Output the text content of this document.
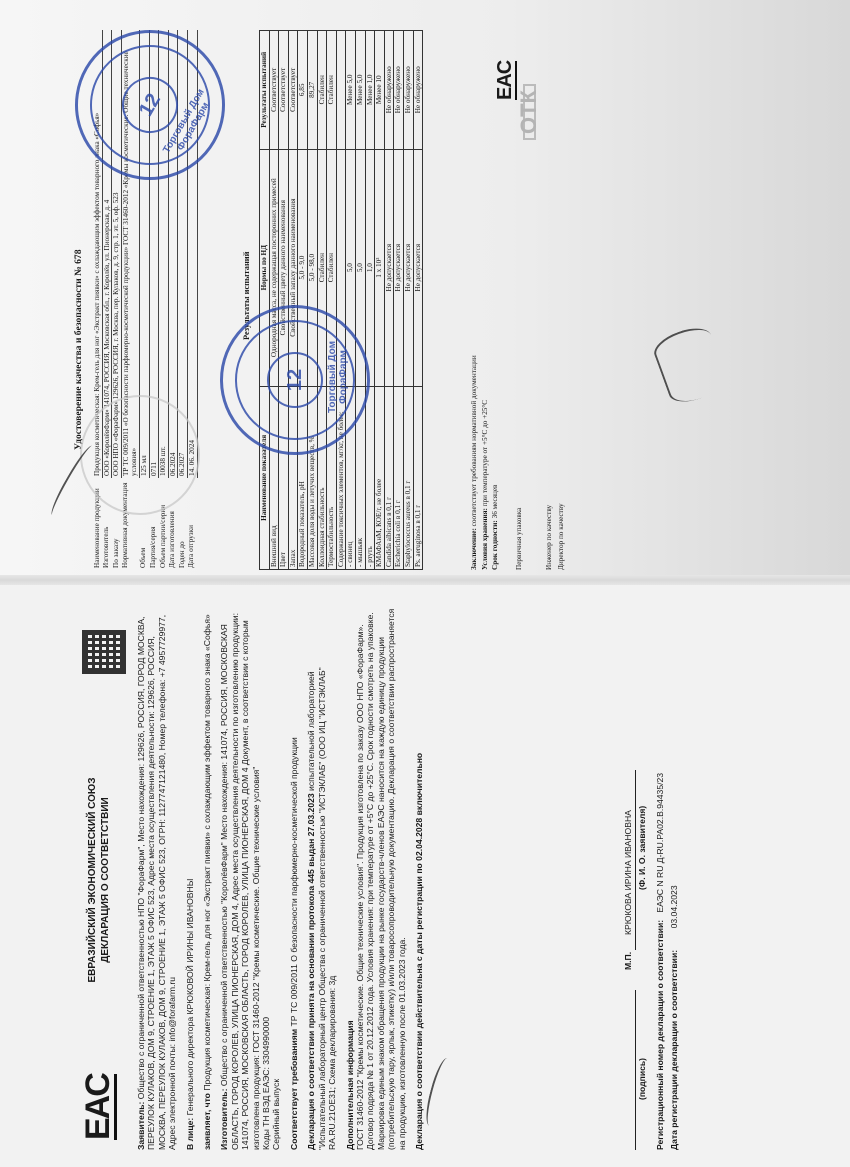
EAC
ЕВРАЗИЙСКИЙ ЭКОНОМИЧЕСКИЙ СОЮЗ ДЕКЛАРАЦИЯ О СООТВЕТСТВИИ

Заявитель: Общество с ограниченной ответственностью НПО "ФораФарм", Место нахождения: 129626, РОССИЯ, ГОРОД МОСКВА, ПЕРЕУЛОК КУЛАКОВ, ДОМ 9, СТРОЕНИЕ 1, ЭТАЖ 5 ОФИС 523, Адрес места осуществления деятельности: 129626, РОССИЯ, МОСКВА, ПЕРЕУЛОК КУЛАКОВ, ДОМ 9, СТРОЕНИЕ 1, ЭТАЖ 5 ОФИС 523, ОГРН: 1127747121480, Номер телефона: +7 4957729977, Адрес электронной почты: info@forafarm.ru В лице: Генерального директора КРЮКОВОЙ ИРИНЫ ИВАНОВНЫ

заявляет, что Продукция косметическая: Крем-гель для ног «Экстракт пиявки» с охлаждающим эффектом товарного знака «Софья»

Изготовитель: Общество с ограниченной ответственностью "КоролёвФарм" Место нахождения: 141074, РОССИЯ, МОСКОВСКАЯ ОБЛАСТЬ, ГОРОД КОРОЛЕВ, УЛИЦА ПИОНЕРСКАЯ, ДОМ 4, Адрес места осуществления деятельности по изготовлению продукции: 141074, РОССИЯ, МОСКОВСКАЯ ОБЛАСТЬ, ГОРОД КОРОЛЕВ, УЛИЦА ПИОНЕРСКАЯ, ДОМ 4 Документ, в соответствии с которым изготовлена продукция: ГОСТ 31460-2012 "Кремы косметические. Общие технические условия"
Коды ТН ВЭД ЕАЭС: 3304990000
Серийный выпуск Соответствует требованиям ТР ТС 009/2011 О безопасности парфюмерно-косметической продукции Декларация о соответствии принята на основании протокола 445 выдан 27.03.2023 испытательной лабораторией "Испытательный лабораторный центр Общества с ограниченной ответственностью "ИСТЭКЛАБ" (ООО ИЦ "ИСТЭКЛАБ" RA.RU.21ОЕ31; Схема декларирования: 3д Дополнительная информация
ГОСТ 31460-2012 "Кремы косметические. Общие технические условия". Продукция изготовлена по заказу ООО НПО «ФораФарм». Договор подряда № 1 от 20.12.2012 года. Условия хранения: при температуре от +5°С до +25°С. Срок годности смотреть на упаковке. Маркировка единым знаком обращения продукции на рынке государств-членов ЕАЭС наносится на каждую единицу продукции (потребительскую тару, ярлык, этикетку) и/или товаросопроводительную документацию. Декларация о соответствии распространяется на продукцию, изготовленную после 01.03.2023 года. Декларация о соответствии действительна с даты регистрации по 02.04.2028 включительно	(подпись)
М.П.
КРЮКОВА ИРИНА ИВАНОВНА (Ф. И. О. заявителя)
Регистрационный номер декларации о соответствии:   ЕАЭС N RU Д-RU.РА02.В.94435/23
Дата регистрации декларации о соответствии:         03.04.2023
Удостоверение качества и безопасности № 678
Наименование продукции	Продукция косметическая: Крем-гель для ног «Экстракт пиявки» с охлаждающим эффектом товарного знака «Софья»
Изготовитель	ООО «КоролёвФарм» 141074, РОССИЯ, Московская обл., г. Королёв, ул. Пионерская, д. 4
По заказу	ООО НПО «ФораФарм» 129626, РОССИЯ, г. Москва, пер. Кулаков, д. 9, стр. 1, эт. 5, оф. 523
Нормативная документация	ТР ТС 009/2011 «О безопасности парфюмерно-косметической продукции» ГОСТ 31460-2012 «Кремы косметические. Общие технические условия»
Объем	125 мл
Партия/серия	0711
Объем партии/серии	10038 шт.
Дата изготовления	06.2024
Годен до	06.2027
Дата отгрузки	14. 06. 2024
Результаты испытаний
Наименование показателя	Нормы по НД	Результаты испытаний
Внешний вид	Однородная масса, не содержащая посторонних примесей	Соответствует
Цвет	Свойственный цвету данного наименования	Соответствует
Запах	Свойственный запаху данного наименования	Соответствует
Водородный показатель, pH	5,0 - 9,0	6,85
Массовая доля воды и летучих веществ, %	5,0 - 98,0	89,27
Коллоидная стабильность	Стабилен	Стабилен
Термостабильность	Стабилен	Стабилен
Содержание токсичных элементов, мг/кг, не более:		
- свинец	5,0	Менее 5,0
- мышьяк	5,0	Менее 5,0
- ртуть	1,0	Менее 1,0
КМАФАнМ, КОЕ/г, не более	1 х 10³	Менее 10
Candida albicans в 0,1 г	Не допускается	Не обнаружено
Escherichia coli в 0,1 г	Не допускается	Не обнаружено
Staphylococcus aureus в 0,1 г	Не допускается	Не обнаружено
Ps. aeruginosa в 0,1 г	Не допускается	Не обнаружено

Заключение: соответствует требованиям нормативной документации

Условия хранения: при температуре от +5°С до +25°С

Срок годности: 36 месяцев

EAC
Первичная упаковка
ОТК
Инженер по качеству Директор по качеству
12
Торговый Дом ФораФарм
12	Торговый Дом ФораФарм
